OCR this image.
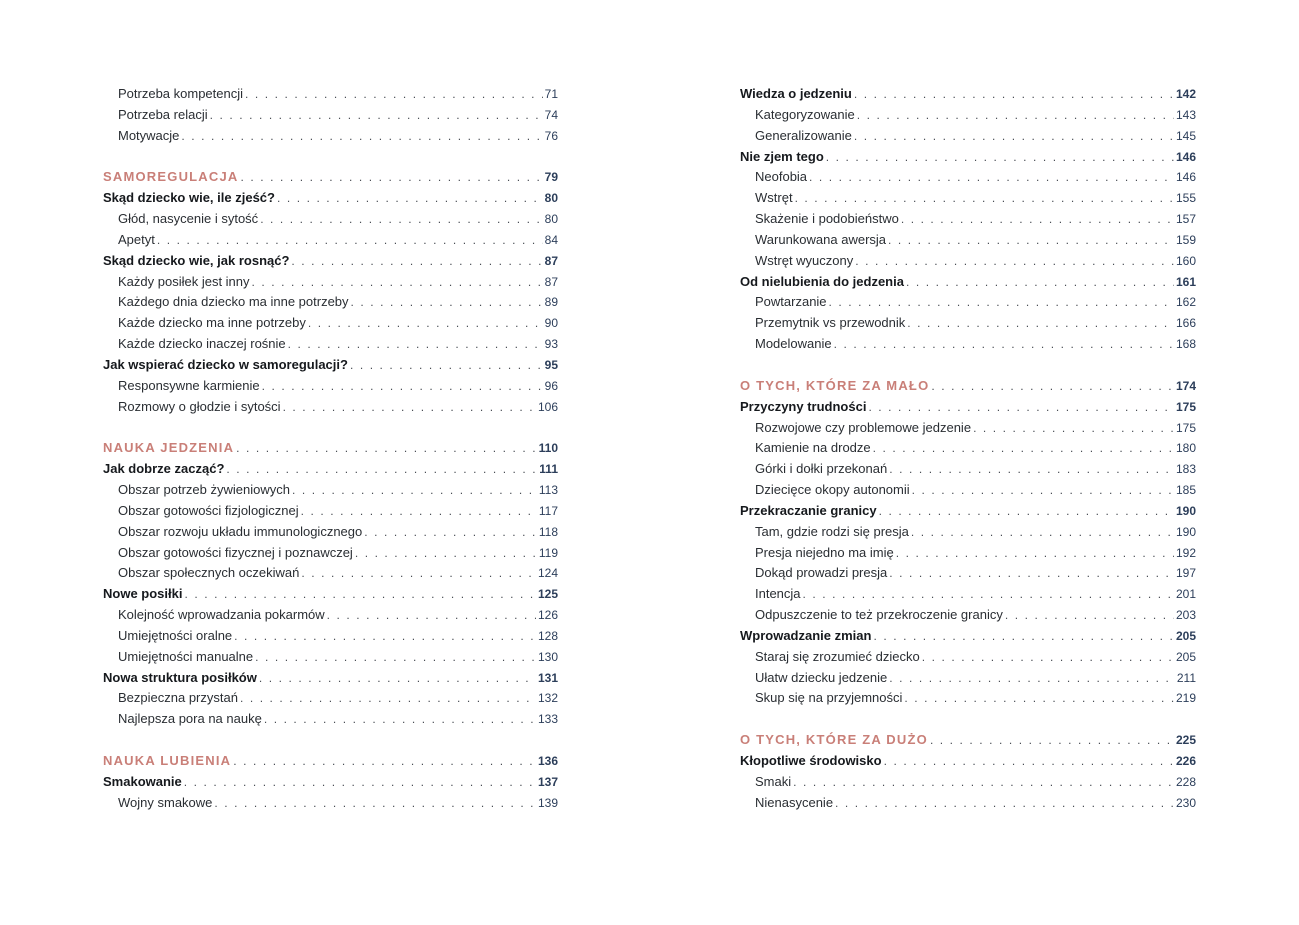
Potrzeba kompetencji . . .	71
Potrzeba relacji . . .	74
Motywacje . . .	76
SAMOREGULACJA . . .	79
Skąd dziecko wie, ile zjeść? . . .	80
Głód, nasycenie i sytość . . .	80
Apetyt . . .	84
Skąd dziecko wie, jak rosnąć? . . .	87
Każdy posiłek jest inny . . .	87
Każdego dnia dziecko ma inne potrzeby . . .	89
Każde dziecko ma inne potrzeby . . .	90
Każde dziecko inaczej rośnie . . .	93
Jak wspierać dziecko w samoregulacji? . . .	95
Responsywne karmienie . . .	96
Rozmowy o głodzie i sytości . . .	106
NAUKA JEDZENIA . . .	110
Jak dobrze zacząć? . . .	111
Obszar potrzeb żywieniowych . . .	113
Obszar gotowości fizjologicznej . . .	117
Obszar rozwoju układu immunologicznego . . .	118
Obszar gotowości fizycznej i poznawczej . . .	119
Obszar społecznych oczekiwań . . .	124
Nowe posiłki . . .	125
Kolejność wprowadzania pokarmów . . .	126
Umiejętności oralne . . .	128
Umiejętności manualne . . .	130
Nowa struktura posiłków . . .	131
Bezpieczna przystań . . .	132
Najlepsza pora na naukę . . .	133
NAUKA LUBIENIA . . .	136
Smakowanie . . .	137
Wojny smakowe . . .	139
Wiedza o jedzeniu . . .	142
Kategoryzowanie . . .	143
Generalizowanie . . .	145
Nie zjem tego . . .	146
Neofobia . . .	146
Wstręt . . .	155
Skażenie i podobieństwo . . .	157
Warunkowana awersja . . .	159
Wstręt wyuczony . . .	160
Od nielubienia do jedzenia . . .	161
Powtarzanie . . .	162
Przemytnik vs przewodnik . . .	166
Modelowanie . . .	168
O TYCH, KTÓRE ZA MAŁO . . .	174
Przyczyny trudności . . .	175
Rozwojowe czy problemowe jedzenie . . .	175
Kamienie na drodze . . .	180
Górki i dołki przekonań . . .	183
Dziecięce okopy autonomii . . .	185
Przekraczanie granicy . . .	190
Tam, gdzie rodzi się presja . . .	190
Presja niejedno ma imię . . .	192
Dokąd prowadzi presja . . .	197
Intencja . . .	201
Odpuszczenie to też przekroczenie granicy . . .	203
Wprowadzanie zmian . . .	205
Staraj się zrozumieć dziecko . . .	205
Ułatw dziecku jedzenie . . .	211
Skup się na przyjemności . . .	219
O TYCH, KTÓRE ZA DUŻO . . .	225
Kłopotliwe środowisko . . .	226
Smaki . . .	228
Nienasycenie . . .	230
